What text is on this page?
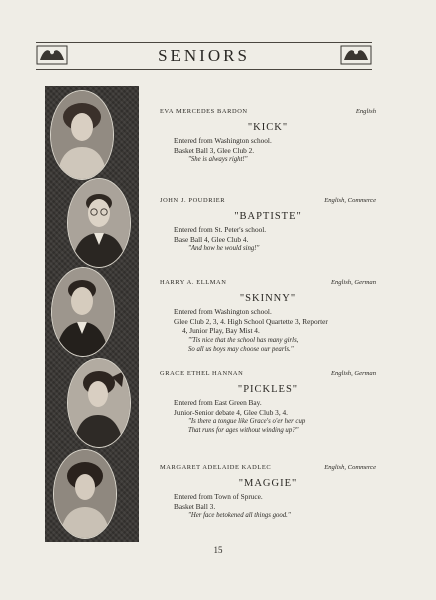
SENIORS
EVA MERCEDES BARDON	English
"KICK"
Entered from Washington school.
Basket Ball 3, Glee Club 2.
"She is always right!"
JOHN J. POUDRIER	English, Commerce
"BAPTISTE"
Entered from St. Peter's school.
Base Ball 4, Glee Club 4.
"And how he would sing!"
HARRY A. ELLMAN	English, German
"SKINNY"
Entered from Washington school.
Glee Club 2, 3, 4. High School Quartette 3, Reporter
4, Junior Play, Bay Mist 4.
"'Tis nice that the school has many girls,
So all us boys may choose our pearls."
GRACE ETHEL HANNAN	English, German
"PICKLES"
Entered from East Green Bay.
Junior-Senior debate 4, Glee Club 3, 4.
"Is there a tongue like Grace's o'er her cup
That runs for ages without winding up?"
MARGARET ADELAIDE KADLEC	English, Commerce
"MAGGIE"
Entered from Town of Spruce.
Basket Ball 3.
"Her face betokened all things good."
15
